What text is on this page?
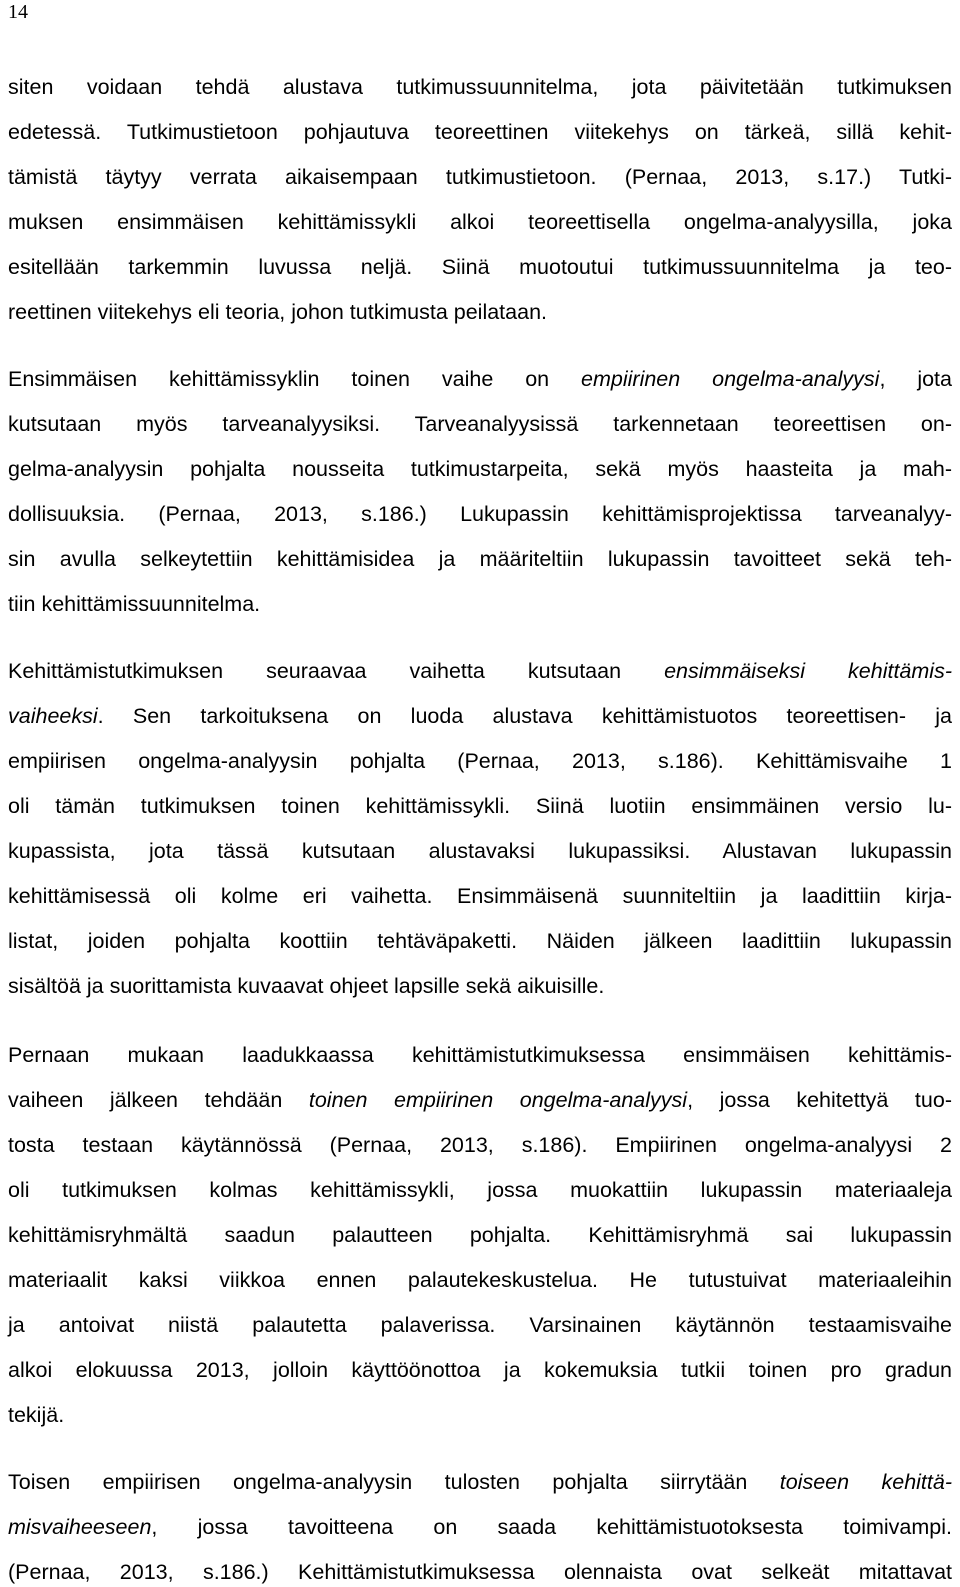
14
siten voidaan tehdä alustava tutkimussuunnitelma, jota päivitetään tutkimuksen
edetessä. Tutkimustietoon pohjautuva teoreettinen viitekehys on tärkeä, sillä kehit-
tämistä täytyy verrata aikaisempaan tutkimustietoon. (Pernaa, 2013, s.17.) Tutki-
muksen ensimmäisen kehittämissykli alkoi teoreettisella ongelma-analyysilla, joka
esitellään tarkemmin luvussa neljä. Siinä muotoutui tutkimussuunnitelma ja teo-
reettinen viitekehys eli teoria, johon tutkimusta peilataan.
Ensimmäisen kehittämissyklin toinen vaihe on empiirinen ongelma-analyysi, jota
kutsutaan myös tarveanalyysiksi. Tarveanalyysissä tarkennetaan teoreettisen on-
gelma-analyysin pohjalta nousseita tutkimustarpeita, sekä myös haasteita ja mah-
dollisuuksia. (Pernaa, 2013, s.186.) Lukupassin kehittämisprojektissa tarveanalyy-
sin avulla selkeytettiin kehittämisidea ja määriteltiin lukupassin tavoitteet sekä teh-
tiin kehittämissuunnitelma.
Kehittämistutkimuksen seuraavaa vaihetta kutsutaan ensimmäiseksi kehittämis-
vaiheeksi. Sen tarkoituksena on luoda alustava kehittämistuotos teoreettisen- ja
empiirisen ongelma-analyysin pohjalta (Pernaa, 2013, s.186). Kehittämisvaihe 1
oli tämän tutkimuksen toinen kehittämissykli. Siinä luotiin ensimmäinen versio lu-
kupassista, jota tässä kutsutaan alustavaksi lukupassiksi. Alustavan lukupassin
kehittämisessä oli kolme eri vaihetta. Ensimmäisenä suunniteltiin ja laadittiin kirja-
listat, joiden pohjalta koottiin tehtäväpaketti. Näiden jälkeen laadittiin lukupassin
sisältöä ja suorittamista kuvaavat ohjeet lapsille sekä aikuisille.
Pernaan mukaan laadukkaassa kehittämistutkimuksessa ensimmäisen kehittämis-
vaiheen jälkeen tehdään toinen empiirinen ongelma-analyysi, jossa kehitettyä tuo-
tosta testaan käytännössä (Pernaa, 2013, s.186). Empiirinen ongelma-analyysi 2
oli tutkimuksen kolmas kehittämissykli, jossa muokattiin lukupassin materiaaleja
kehittämisryhmältä saadun palautteen pohjalta. Kehittämisryhmä sai lukupassin
materiaalit kaksi viikkoa ennen palautekeskustelua. He tutustuivat materiaaleihin
ja antoivat niistä palautetta palaverissa. Varsinainen käytännön testaamisvaihe
alkoi elokuussa 2013, jolloin käyttöönottoa ja kokemuksia tutkii toinen pro gradun
tekijä.
Toisen empiirisen ongelma-analyysin tulosten pohjalta siirrytään toiseen kehittä-
misvaiheeseen, jossa tavoitteena on saada kehittämistuotoksesta toimivampi.
(Pernaa, 2013, s.186.) Kehittämistutkimuksessa olennaista ovat selkeät mitattavat
